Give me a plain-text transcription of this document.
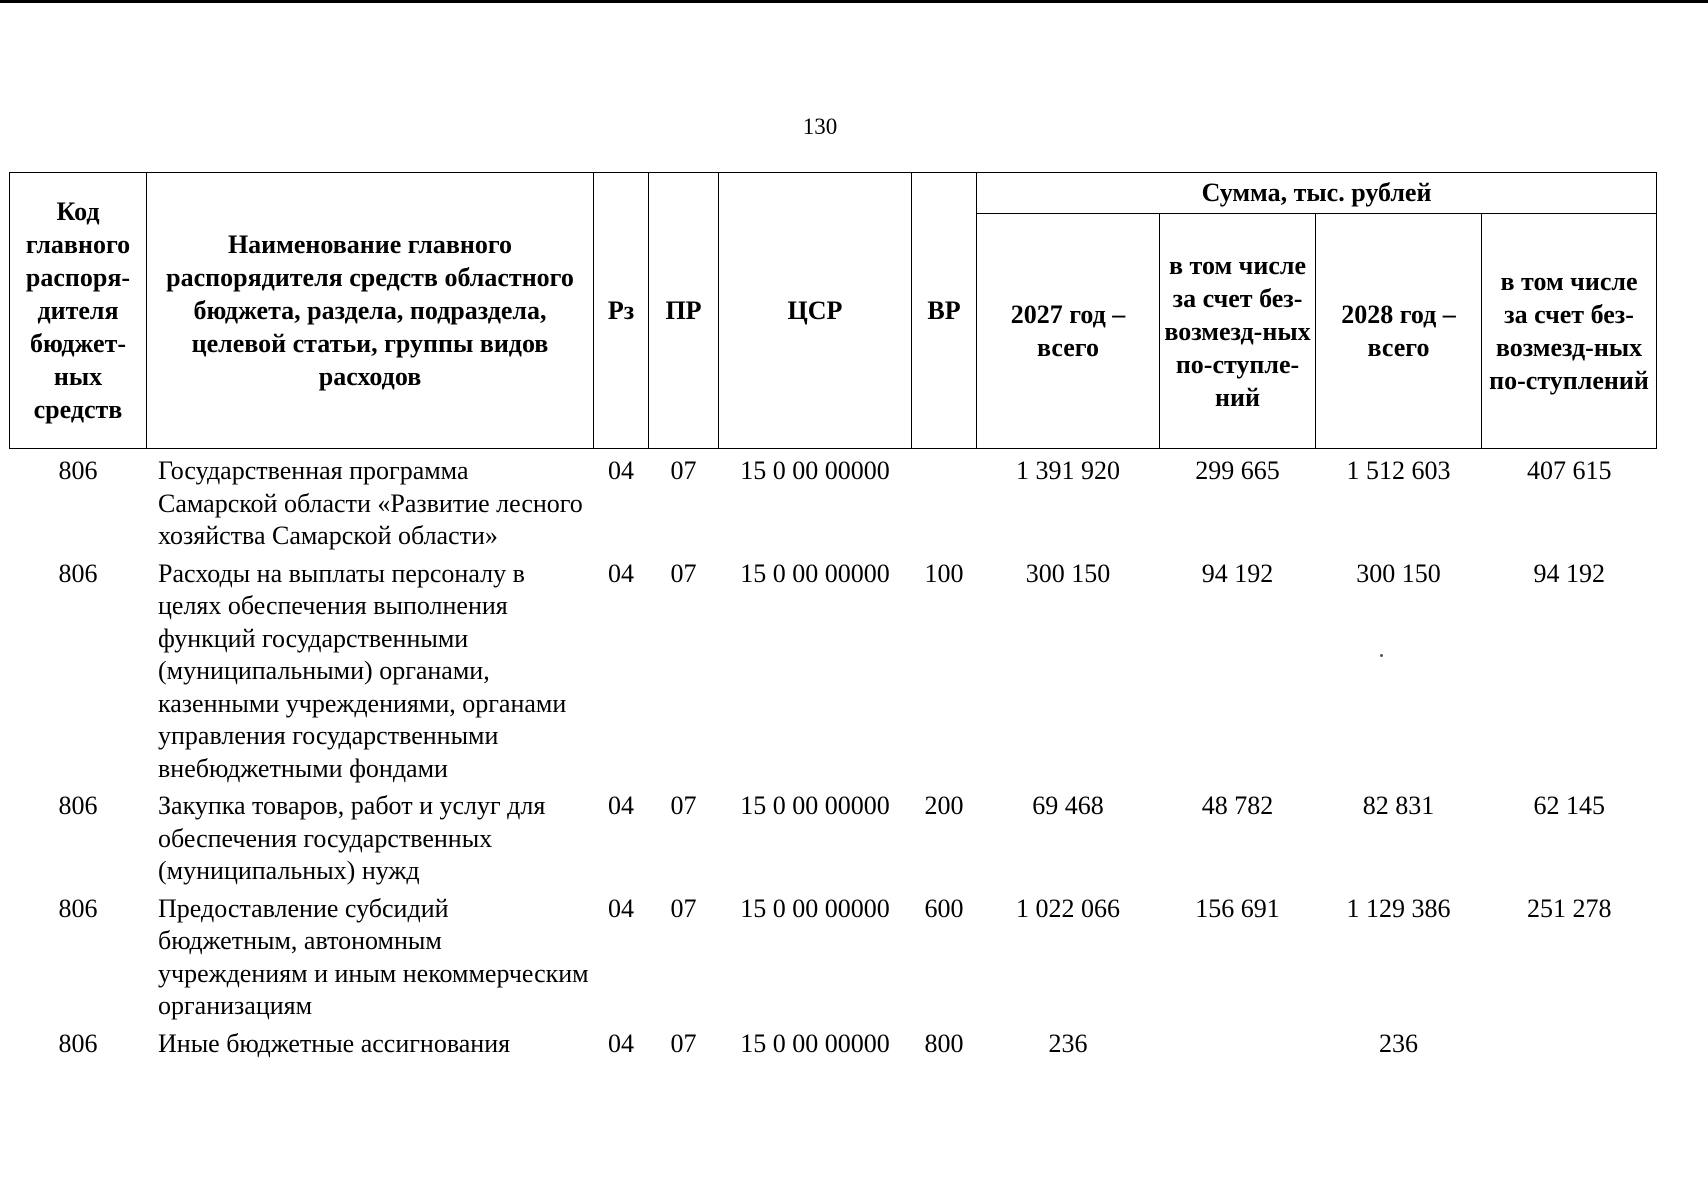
130
Код главного распоря-дителя бюджет-ных средств	Наименование главного распорядителя средств областного бюджета, раздела, подраздела, целевой статьи, группы видов расходов	Рз	ПР	ЦСР	ВР	Сумма, тыс. рублей			
						2027 год – всего	в том числе за счет без-возмезд-ных по-ступле-ний	2028 год – всего	в том числе за счет без-возмезд-ных по-ступлений
806	Государственная программа Самарской области «Развитие лесного хозяйства Самарской области»	04	07	15 0 00 00000		1 391 920	299 665	1 512 603	407 615
806	Расходы на выплаты персоналу в целях обеспечения выполнения функций государственными (муниципальными) органами, казенными учреждениями, органами управления государственными внебюджетными фондами	04	07	15 0 00 00000	100	300 150	94 192	300 150	94 192
806	Закупка товаров, работ и услуг для обеспечения государственных (муниципальных) нужд	04	07	15 0 00 00000	200	69 468	48 782	82 831	62 145
806	Предоставление субсидий бюджетным, автономным учреждениям и иным некоммерческим организациям	04	07	15 0 00 00000	600	1 022 066	156 691	1 129 386	251 278
806	Иные бюджетные ассигнования	04	07	15 0 00 00000	800	236		236	
